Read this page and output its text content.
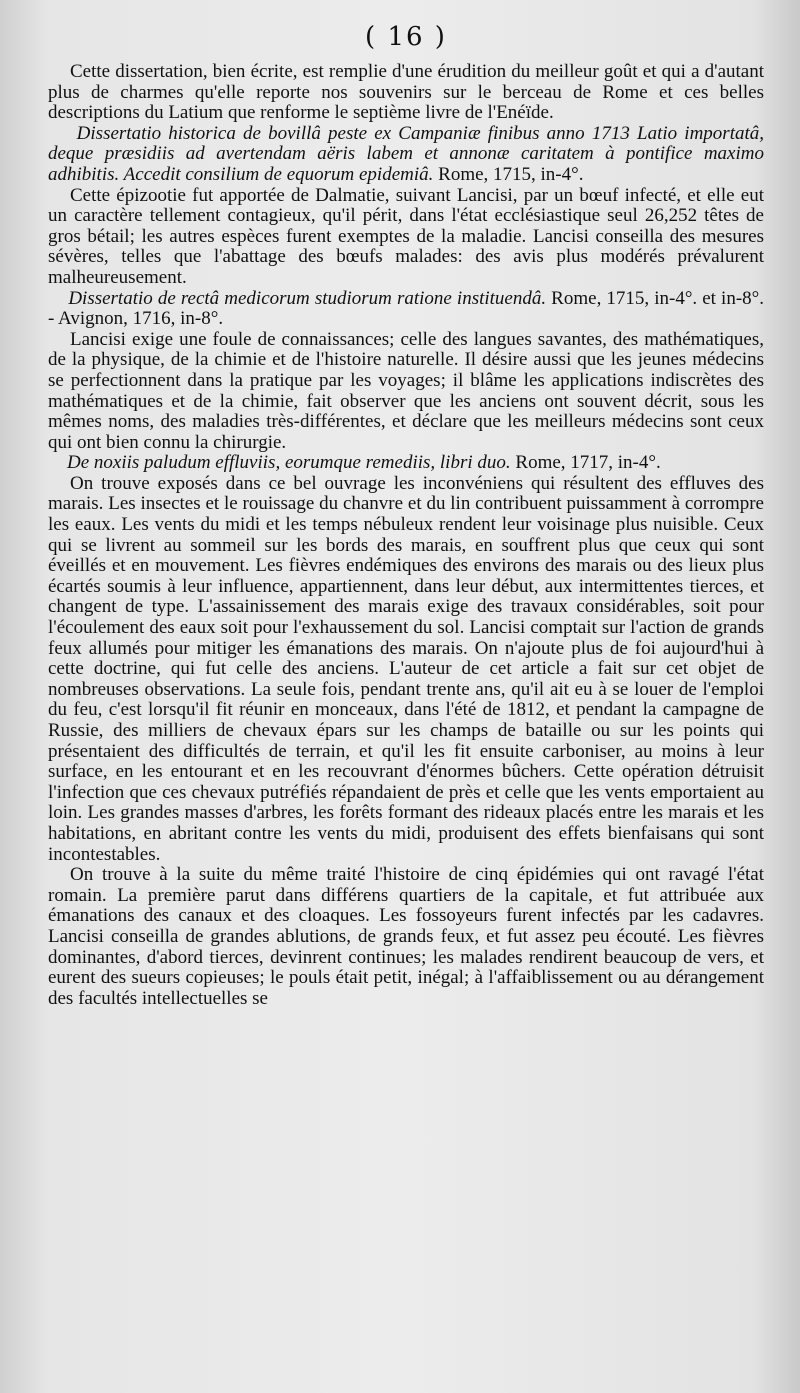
( 16 )

Cette dissertation, bien écrite, est remplie d'une érudition du meilleur goût et qui a d'autant plus de charmes qu'elle reporte nos souvenirs sur le berceau de Rome et ces belles descriptions du Latium que renforme le septième livre de l'Enéïde.

Dissertatio historica de bovillâ peste ex Campaniæ finibus anno 1713 Latio importatâ, deque præsidiis ad avertendam aëris labem et annonæ caritatem à pontifice maximo adhibitis. Accedit consilium de equorum epidemiâ. Rome, 1715, in-4°.

Cette épizootie fut apportée de Dalmatie, suivant Lancisi, par un bœuf infecté, et elle eut un caractère tellement contagieux, qu'il périt, dans l'état ecclésiastique seul 26,252 têtes de gros bétail; les autres espèces furent exemptes de la maladie. Lancisi conseilla des mesures sévères, telles que l'abattage des bœufs malades: des avis plus modérés prévalurent malheureusement.

Dissertatio de rectâ medicorum studiorum ratione instituendâ. Rome, 1715, in-4°. et in-8°. - Avignon, 1716, in-8°.

Lancisi exige une foule de connaissances; celle des langues savantes, des mathématiques, de la physique, de la chimie et de l'histoire naturelle. Il désire aussi que les jeunes médecins se perfectionnent dans la pratique par les voyages; il blâme les applications indiscrètes des mathématiques et de la chimie, fait observer que les anciens ont souvent décrit, sous les mêmes noms, des maladies très-différentes, et déclare que les meilleurs médecins sont ceux qui ont bien connu la chirurgie.

De noxiis paludum effluviis, eorumque remediis, libri duo. Rome, 1717, in-4°.

On trouve exposés dans ce bel ouvrage les inconvéniens qui résultent des effluves des marais. Les insectes et le rouissage du chanvre et du lin contribuent puissamment à corrompre les eaux. Les vents du midi et les temps nébuleux rendent leur voisinage plus nuisible. Ceux qui se livrent au sommeil sur les bords des marais, en souffrent plus que ceux qui sont éveillés et en mouvement. Les fièvres endémiques des environs des marais ou des lieux plus écartés soumis à leur influence, appartiennent, dans leur début, aux intermittentes tierces, et changent de type. L'assainissement des marais exige des travaux considérables, soit pour l'écoulement des eaux soit pour l'exhaussement du sol. Lancisi comptait sur l'action de grands feux allumés pour mitiger les émanations des marais. On n'ajoute plus de foi aujourd'hui à cette doctrine, qui fut celle des anciens. L'auteur de cet article a fait sur cet objet de nombreuses observations. La seule fois, pendant trente ans, qu'il ait eu à se louer de l'emploi du feu, c'est lorsqu'il fit réunir en monceaux, dans l'été de 1812, et pendant la campagne de Russie, des milliers de chevaux épars sur les champs de bataille ou sur les points qui présentaient des difficultés de terrain, et qu'il les fit ensuite carboniser, au moins à leur surface, en les entourant et en les recouvrant d'énormes bûchers. Cette opération détruisit l'infection que ces chevaux putréfiés répandaient de près et celle que les vents emportaient au loin. Les grandes masses d'arbres, les forêts formant des rideaux placés entre les marais et les habitations, en abritant contre les vents du midi, produisent des effets bienfaisans qui sont incontestables.

On trouve à la suite du même traité l'histoire de cinq épidémies qui ont ravagé l'état romain. La première parut dans différens quartiers de la capitale, et fut attribuée aux émanations des canaux et des cloaques. Les fossoyeurs furent infectés par les cadavres. Lancisi conseilla de grandes ablutions, de grands feux, et fut assez peu écouté. Les fièvres dominantes, d'abord tierces, devinrent continues; les malades rendirent beaucoup de vers, et eurent des sueurs copieuses; le pouls était petit, inégal; à l'affaiblissement ou au dérangement des facultés intellectuelles se
